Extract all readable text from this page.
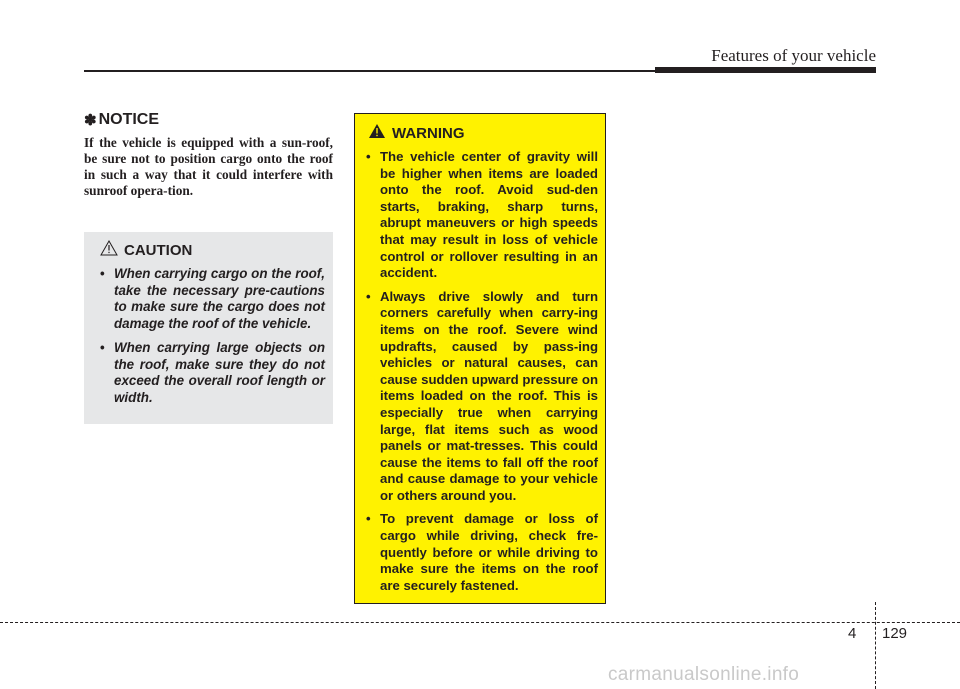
Features of your vehicle
✽ NOTICE
If the vehicle is equipped with a sun-roof, be sure not to position cargo onto the roof in such a way that it could interfere with sunroof opera-tion.
CAUTION
• When carrying cargo on the roof, take the necessary pre-cautions to make sure the cargo does not damage the roof of the vehicle.
• When carrying large objects on the roof, make sure they do not exceed the overall roof length or width.
WARNING
• The vehicle center of gravity will be higher when items are loaded onto the roof. Avoid sud-den starts, braking, sharp turns, abrupt maneuvers or high speeds that may result in loss of vehicle control or rollover resulting in an accident.
• Always drive slowly and turn corners carefully when carry-ing items on the roof. Severe wind updrafts, caused by pass-ing vehicles or natural causes, can cause sudden upward pressure on items loaded on the roof. This is especially true when carrying large, flat items such as wood panels or mat-tresses. This could cause the items to fall off the roof and cause damage to your vehicle or others around you.
• To prevent damage or loss of cargo while driving, check fre-quently before or while driving to make sure the items on the roof are securely fastened.
4 129
carmanualsonline.info
